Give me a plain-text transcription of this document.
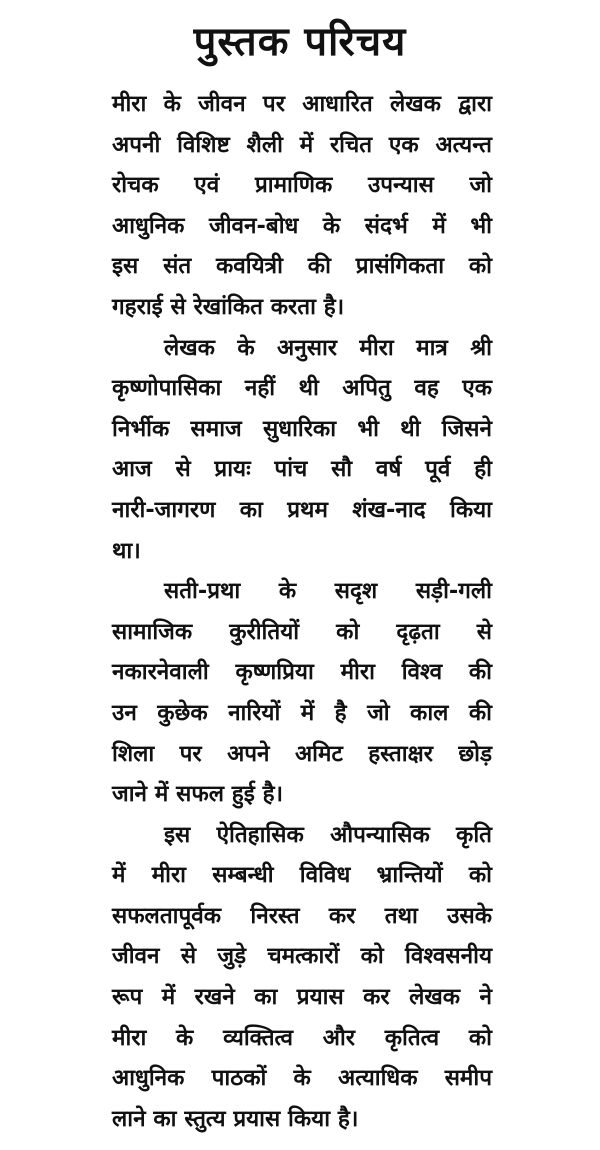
पुस्तक परिचय

मीरा के जीवन पर आधारित लेखक द्वारा
अपनी विशिष्ट शैली में रचित एक अत्यन्त
रोचक एवं प्रामाणिक उपन्यास जो
आधुनिक जीवन-बोध के संदर्भ में भी
इस संत कवयित्री की प्रासंगिकता को
गहराई से रेखांकित करता है।

लेखक के अनुसार मीरा मात्र श्री
कृष्णोपासिका नहीं थी अपितु वह एक
निर्भीक समाज सुधारिका भी थी जिसने
आज से प्रायः पांच सौ वर्ष पूर्व ही
नारी-जागरण का प्रथम शंख-नाद किया
था।

सती-प्रथा के सदृश सड़ी-गली
सामाजिक कुरीतियों को दृढ़ता से
नकारनेवाली कृष्णप्रिया मीरा विश्व की
उन कुछेक नारियों में है जो काल की
शिला पर अपने अमिट हस्ताक्षर छोड़
जाने में सफल हुई है।

इस ऐतिहासिक औपन्यासिक कृति
में मीरा सम्बन्धी विविध भ्रान्तियों को
सफलतापूर्वक निरस्त कर तथा उसके
जीवन से जुड़े चमत्कारों को विश्वसनीय
रूप में रखने का प्रयास कर लेखक ने
मीरा के व्यक्तित्व और कृतित्व को
आधुनिक पाठकों के अत्याधिक समीप
लाने का स्तुत्य प्रयास किया है।
